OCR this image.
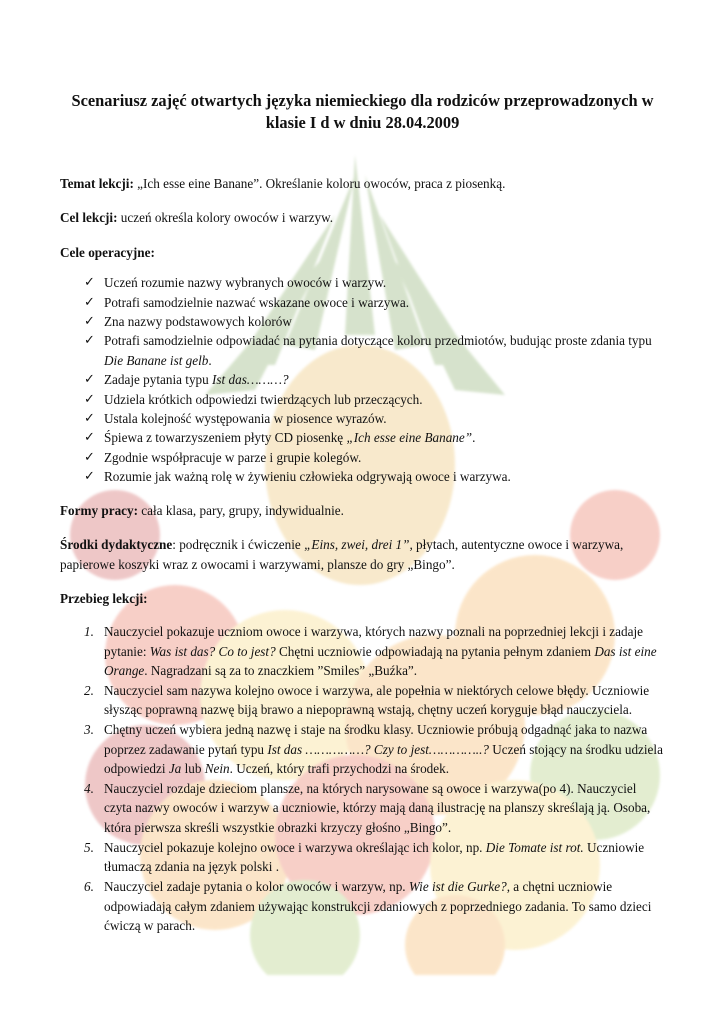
Scenariusz zajęć otwartych języka niemieckiego dla rodziców przeprowadzonych w klasie I d w dniu 28.04.2009

Temat lekcji: „Ich esse eine Banane”. Określanie koloru owoców, praca z piosenką.

Cel lekcji: uczeń określa kolory owoców i warzyw.

Cele operacyjne:

✓ Uczeń rozumie nazwy wybranych owoców i warzyw.
✓ Potrafi samodzielnie nazwać wskazane owoce i warzywa.
✓ Zna nazwy podstawowych kolorów
✓ Potrafi samodzielnie odpowiadać na pytania dotyczące koloru przedmiotów, budując proste zdania typu Die Banane ist gelb.
✓ Zadaje pytania typu Ist das………?
✓ Udziela krótkich odpowiedzi twierdzących lub przeczących.
✓ Ustala kolejność występowania w piosence wyrazów.
✓ Śpiewa z towarzyszeniem płyty CD piosenkę „Ich esse eine Banane”.
✓ Zgodnie współpracuje w parze i grupie kolegów.
✓ Rozumie jak ważną rolę w żywieniu człowieka odgrywają owoce i warzywa.

Formy pracy: cała klasa, pary, grupy, indywidualnie.

Środki dydaktyczne: podręcznik i ćwiczenie „Eins, zwei, drei 1”, płytach, autentyczne owoce i warzywa, papierowe koszyki wraz z owocami i warzywami, plansze do gry „Bingo”.

Przebieg lekcji:

1. Nauczyciel pokazuje uczniom owoce i warzywa, których nazwy poznali na poprzedniej lekcji i zadaje pytanie: Was ist das? Co to jest? Chętni uczniowie odpowiadają na pytania pełnym zdaniem Das ist eine Orange. Nagradzani są za to znaczkiem ”Smiles” „Buźka”.
2. Nauczyciel sam nazywa kolejno owoce i warzywa, ale popełnia w niektórych celowe błędy. Uczniowie słysząc poprawną nazwę biją brawo a niepoprawną wstają, chętny uczeń koryguje błąd nauczyciela.
3. Chętny uczeń wybiera jedną nazwę i staje na środku klasy. Uczniowie próbują odgadnąć jaka to nazwa poprzez zadawanie pytań typu Ist das ……………? Czy to jest…………..? Uczeń stojący na środku udziela odpowiedzi Ja lub Nein. Uczeń, który trafi przychodzi na środek.
4. Nauczyciel rozdaje dzieciom plansze, na których narysowane są owoce i warzywa(po 4). Nauczyciel czyta nazwy owoców i warzyw a uczniowie, którzy mają daną ilustrację na planszy skreślają ją. Osoba, która pierwsza skreśli wszystkie obrazki krzyczy głośno „Bingo”.
5. Nauczyciel pokazuje kolejno owoce i warzywa określając ich kolor, np. Die Tomate ist rot. Uczniowie tłumaczą zdania na język polski .
6. Nauczyciel zadaje pytania o kolor owoców i warzyw, np. Wie ist die Gurke?, a chętni uczniowie odpowiadają całym zdaniem używając konstrukcji zdaniowych z poprzedniego zadania. To samo dzieci ćwiczą w parach.
